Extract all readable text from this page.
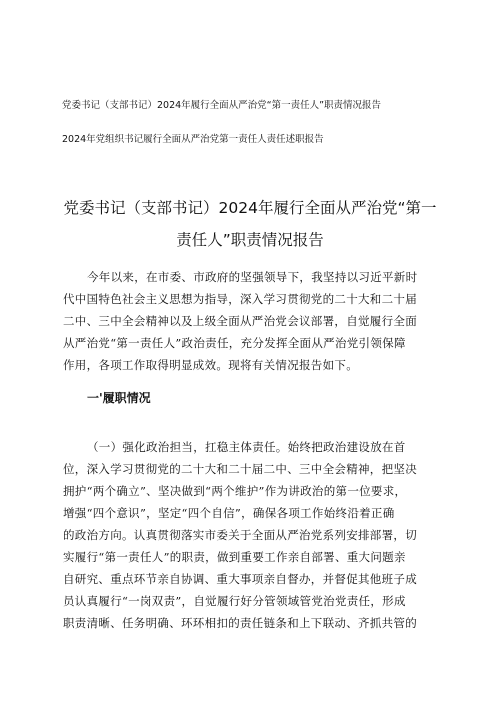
党委书记（支部书记）2024年履行全面从严治党“第一责任人”职责情况报告
2024年党组织书记履行全面从严治党第一责任人责任述职报告
党委书记（支部书记）2024年履行全面从严治党“第一
责任人”职责情况报告
今年以来，在市委、市政府的坚强领导下，我坚持以习近平新时
代中国特色社会主义思想为指导，深入学习贯彻党的二十大和二十届
二中、三中全会精神以及上级全面从严治党会议部署，自觉履行全面
从严治党“第一责任人”政治责任，充分发挥全面从严治党引领保障
作用，各项工作取得明显成效。现将有关情况报告如下。
一'履职情况
（一）强化政治担当，扛稳主体责任。始终把政治建设放在首
位，深入学习贯彻党的二十大和二十届二中、三中全会精神，把坚决
拥护“两个确立”、坚决做到“两个维护”作为讲政治的第一位要求，
增强“四个意识”，坚定“四个自信”，确保各项工作始终沿着正确
的政治方向。认真贯彻落实市委关于全面从严治党系列安排部署，切
实履行“第一责任人”的职责，做到重要工作亲自部署、重大问题亲
自研究、重点环节亲自协调、重大事项亲自督办，并督促其他班子成
员认真履行“一岗双责”，自觉履行好分管领域管党治党责任，形成
职责清晰、任务明确、环环相扣的责任链条和上下联动、齐抓共管的
